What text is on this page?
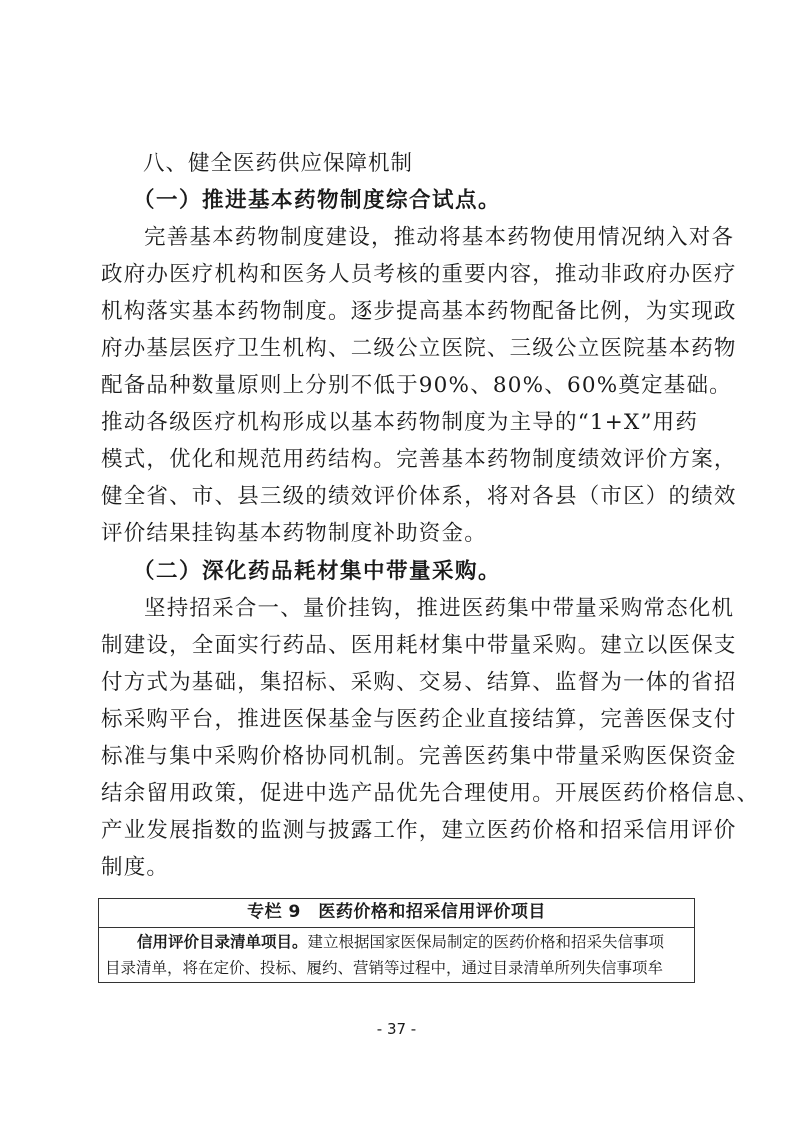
八、健全医药供应保障机制
（一）推进基本药物制度综合试点。
完善基本药物制度建设，推动将基本药物使用情况纳入对各
政府办医疗机构和医务人员考核的重要内容，推动非政府办医疗
机构落实基本药物制度。逐步提高基本药物配备比例，为实现政
府办基层医疗卫生机构、二级公立医院、三级公立医院基本药物
配备品种数量原则上分别不低于90%、80%、60%奠定基础。
推动各级医疗机构形成以基本药物制度为主导的“1+X”用药
模式，优化和规范用药结构。完善基本药物制度绩效评价方案，
健全省、市、县三级的绩效评价体系，将对各县（市区）的绩效
评价结果挂钩基本药物制度补助资金。
（二）深化药品耗材集中带量采购。
坚持招采合一、量价挂钩，推进医药集中带量采购常态化机
制建设，全面实行药品、医用耗材集中带量采购。建立以医保支
付方式为基础，集招标、采购、交易、结算、监督为一体的省招
标采购平台，推进医保基金与医药企业直接结算，完善医保支付
标准与集中采购价格协同机制。完善医药集中带量采购医保资金
结余留用政策，促进中选产品优先合理使用。开展医药价格信息、
产业发展指数的监测与披露工作，建立医药价格和招采信用评价
制度。
专栏 9　医药价格和招采信用评价项目
信用评价目录清单项目。建立根据国家医保局制定的医药价格和招采失信事项
目录清单，将在定价、投标、履约、营销等过程中，通过目录清单所列失信事项牟
- 37 -
